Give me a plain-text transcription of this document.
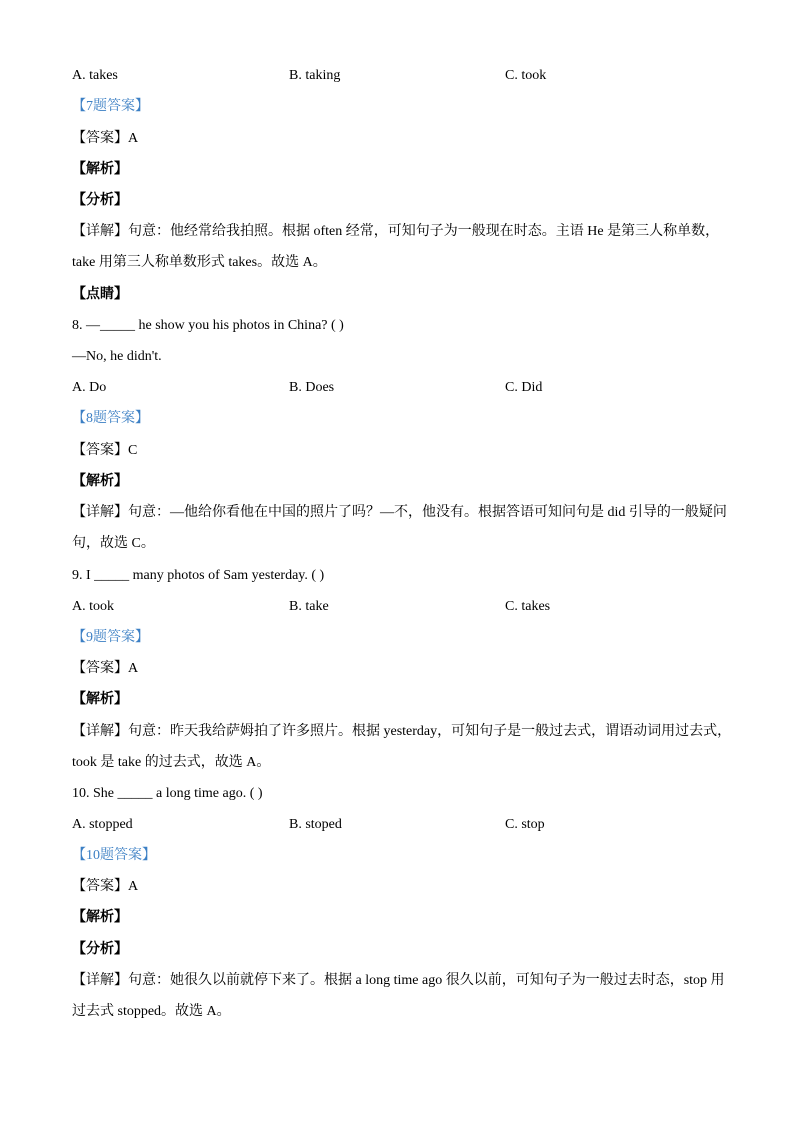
A. takes	B. taking	C. took
【7题答案】
【答案】A
【解析】
【分析】
【详解】句意：他经常给我拍照。根据 often 经常，可知句子为一般现在时态。主语 He 是第三人称单数，
take 用第三人称单数形式 takes。故选 A。
【点睛】
8. —_____ he show you his photos in China? ( )
—No, he didn't.
A. Do	B. Does	C. Did
【8题答案】
【答案】C
【解析】
【详解】句意：—他给你看他在中国的照片了吗？—不，他没有。根据答语可知问句是 did 引导的一般疑问
句，故选 C。
9. I _____ many photos of Sam yesterday. ( )
A. took	B. take	C. takes
【9题答案】
【答案】A
【解析】
【详解】句意：昨天我给萨姆拍了许多照片。根据 yesterday，可知句子是一般过去式，谓语动词用过去式，
took 是 take 的过去式，故选 A。
10. She _____ a long time ago. ( )
A. stopped	B. stoped	C. stop
【10题答案】
【答案】A
【解析】
【分析】
【详解】句意：她很久以前就停下来了。根据 a long time ago 很久以前，可知句子为一般过去时态，stop 用
过去式 stopped。故选 A。
